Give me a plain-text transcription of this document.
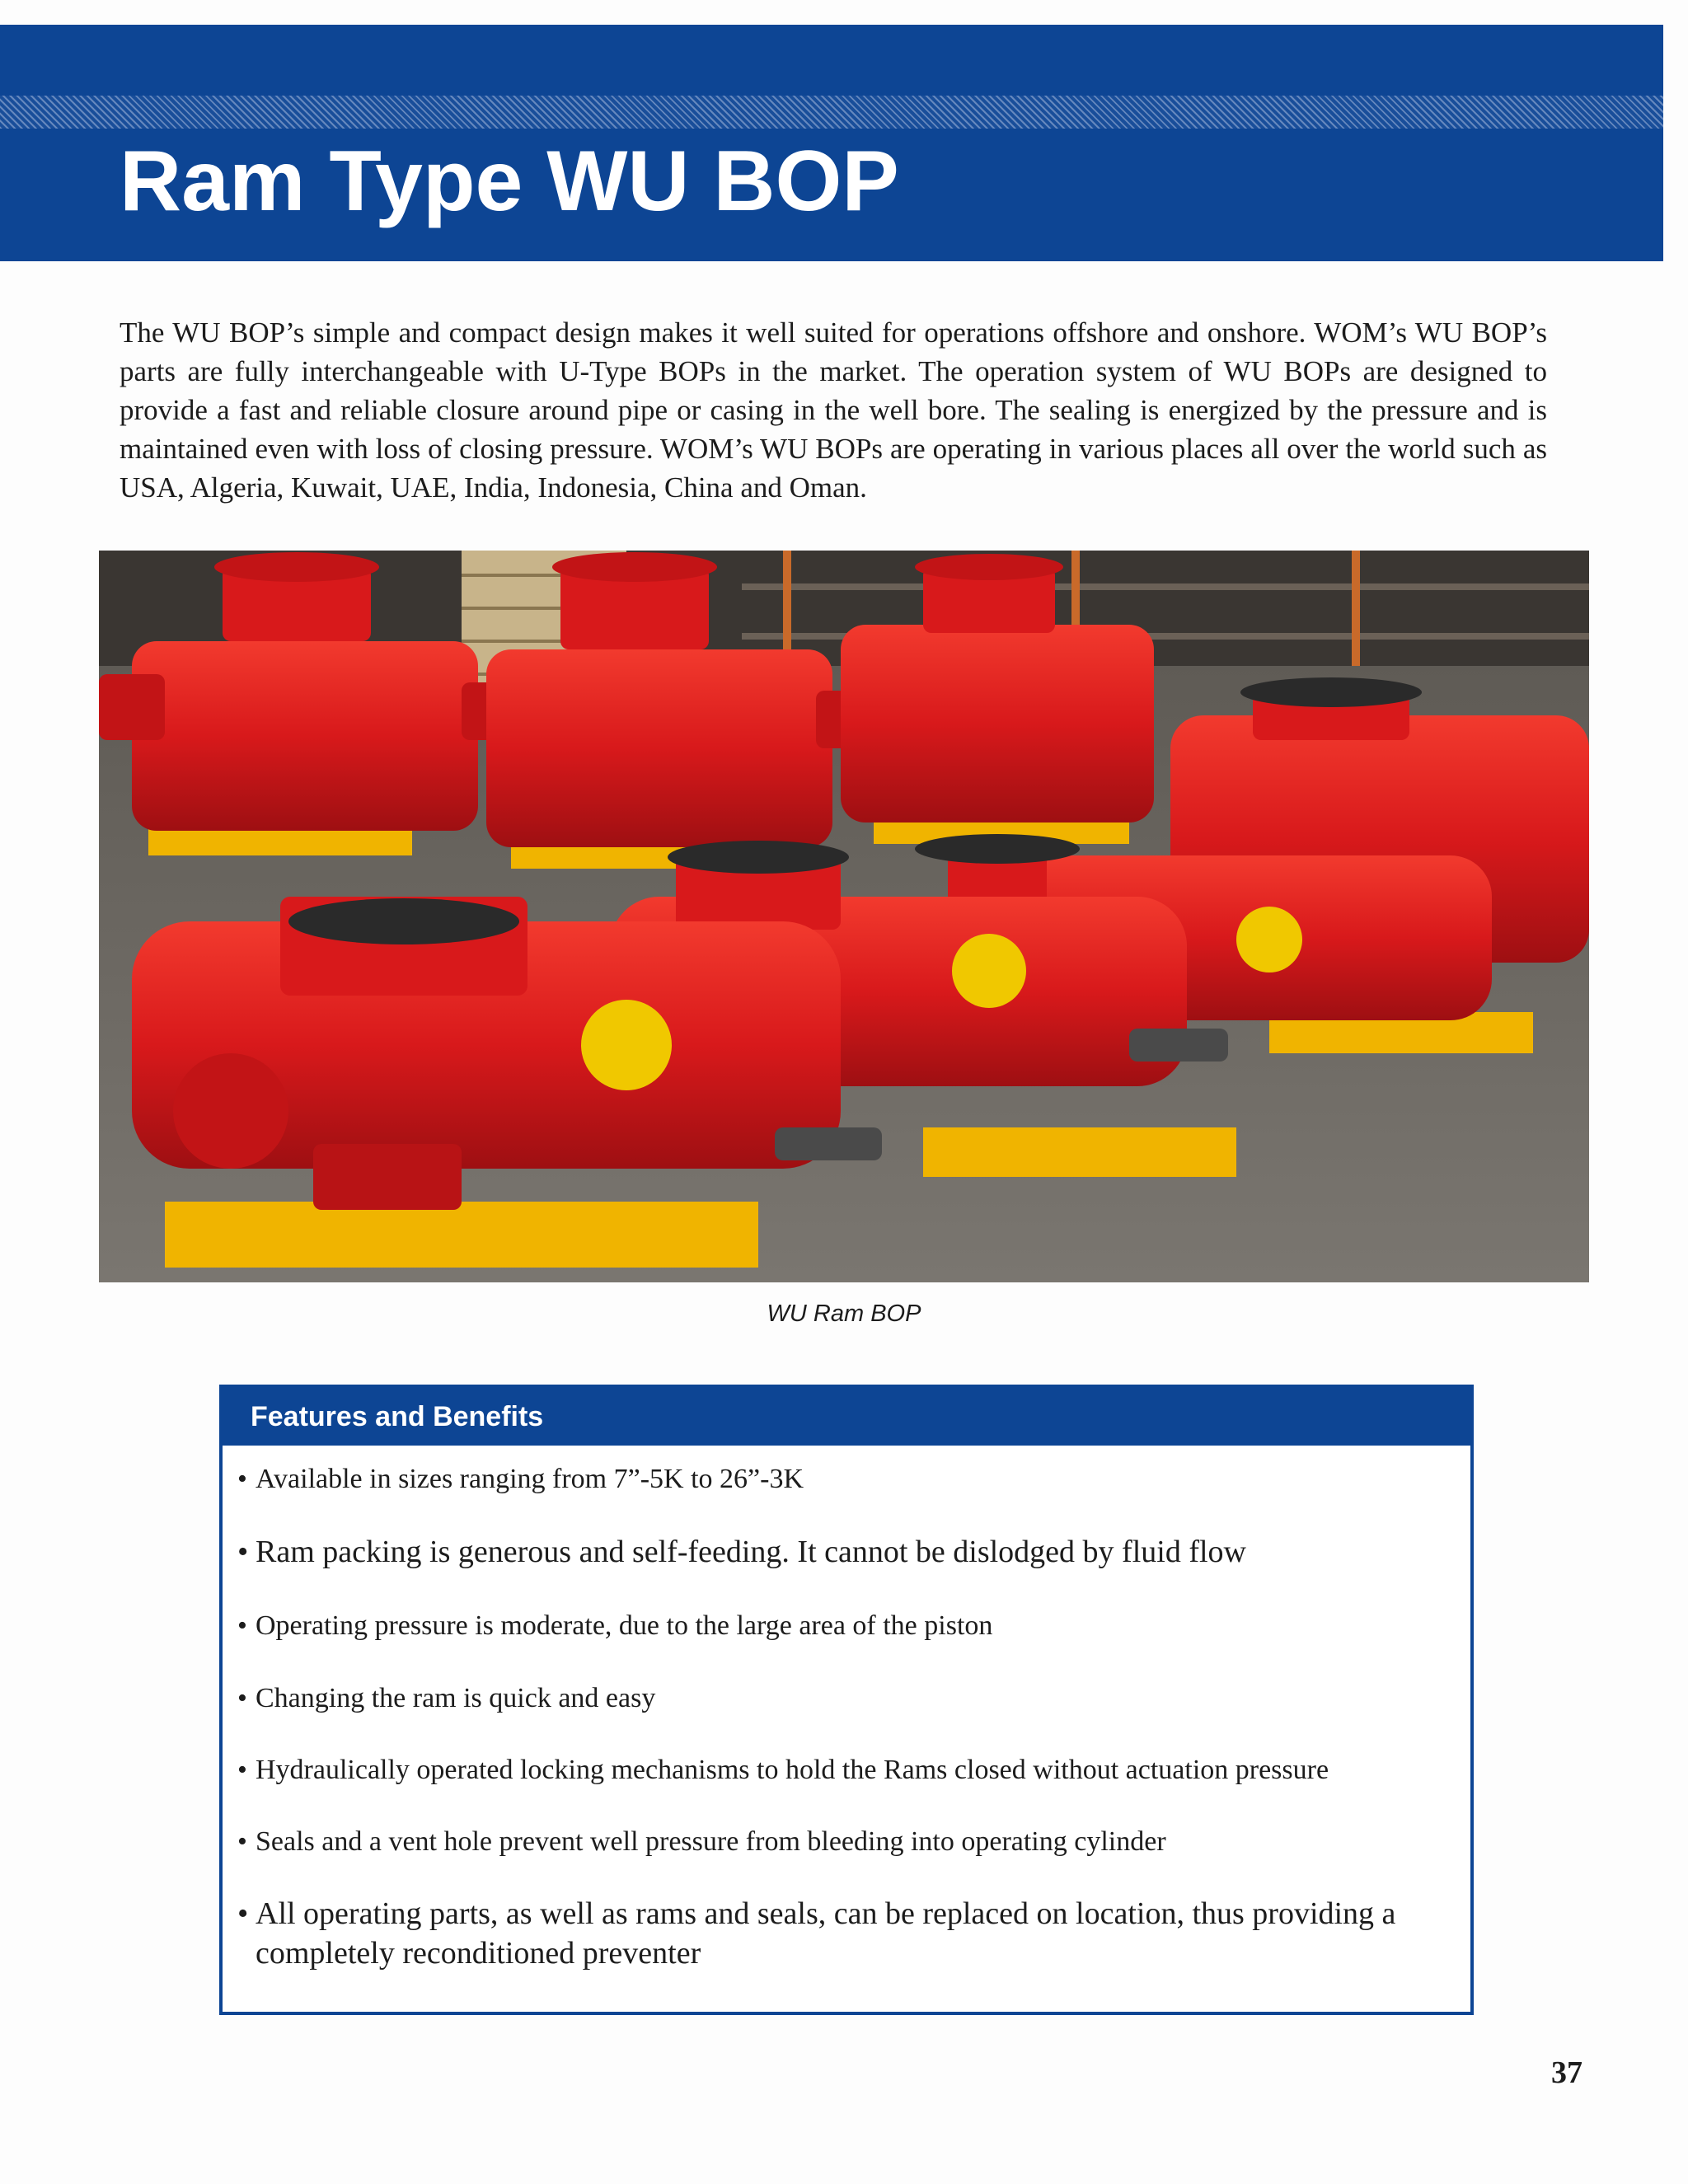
Ram Type WU BOP

The WU BOP’s simple and compact design makes it well suited for operations offshore and onshore. WOM’s WU BOP’s parts are fully interchangeable with U-Type BOPs in the market. The operation system of WU BOPs are designed to provide a fast and reliable closure around pipe or casing in the well bore. The sealing is energized by the pressure and is maintained even with loss of closing pressure. WOM’s WU BOPs are operating in various places all over the world such as USA, Algeria, Kuwait, UAE, India, Indonesia, China and Oman.

WU Ram BOP
Features and Benefits
• Available in sizes ranging from 7”-5K to 26”-3K
• Ram packing is generous and self-feeding. It cannot be dislodged by fluid flow
• Operating pressure is moderate, due to the large area of the piston
• Changing the ram is quick and easy
• Hydraulically operated locking mechanisms to hold the Rams closed without actuation pressure
• Seals and a vent hole prevent well pressure from bleeding into operating cylinder
• All operating parts, as well as rams and seals, can be replaced on location, thus providing a completely reconditioned preventer
37
